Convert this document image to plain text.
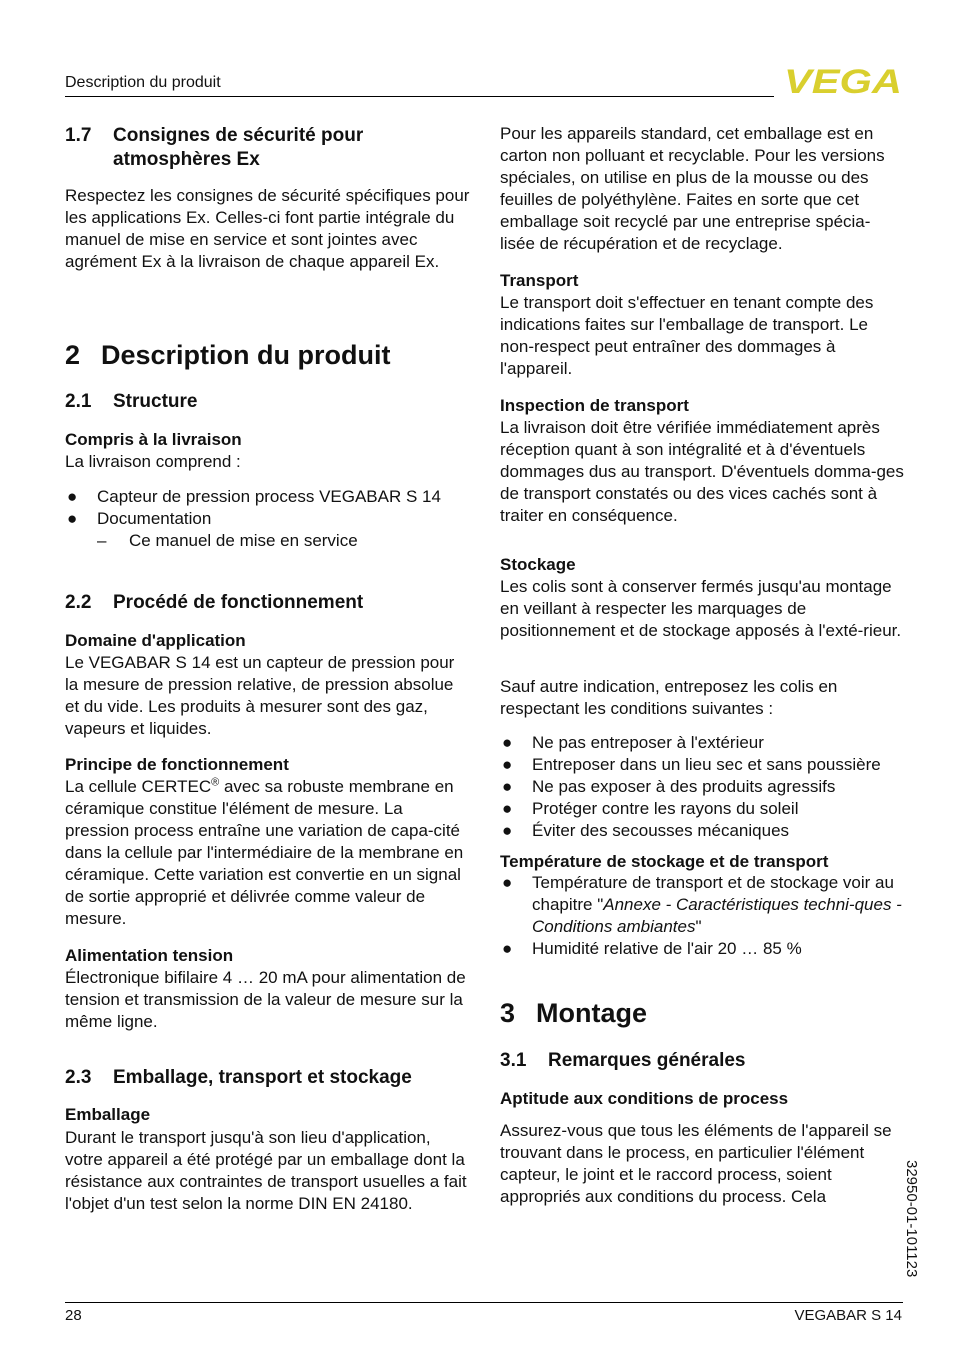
Description du produit	VEGA
1.7 Consignes de sécurité pour
atmosphères Ex

Respectez les consignes de sécurité spécifiques pour les applications Ex. Celles-ci font partie intégrale du manuel de mise en service et sont jointes avec agrément Ex à la livraison de chaque appareil Ex.

2 Description du produit
2.1 Structure
Compris à la livraison

La livraison comprend :

● Capteur de pression process VEGABAR S 14
● Documentation
– Ce manuel de mise en service
2.2 Procédé de fonctionnement
Domaine d'application

Le VEGABAR S 14 est un capteur de pression pour la mesure de pression relative, de pression absolue et du vide. Les produits à mesurer sont des gaz, vapeurs et liquides.

Principe de fonctionnement

La cellule CERTEC® avec sa robuste membrane en céramique constitue l'élément de mesure. La pression process entraîne une variation de capa-cité dans la cellule par l'intermédiaire de la membrane en céramique. Cette variation est convertie en un signal de sortie approprié et délivrée comme valeur de mesure.

Alimentation tension

Électronique bifilaire 4 … 20 mA pour alimentation de tension et transmission de la valeur de mesure sur la même ligne.

2.3 Emballage, transport et stockage
Emballage

Durant le transport jusqu'à son lieu d'application, votre appareil a été protégé par un emballage dont la résistance aux contraintes de transport usuelles a fait l'objet d'un test selon la norme DIN EN 24180.

Pour les appareils standard, cet emballage est en carton non polluant et recyclable. Pour les versions spéciales, on utilise en plus de la mousse ou des feuilles de polyéthylène. Faites en sorte que cet emballage soit recyclé par une entreprise spécia-lisée de récupération et de recyclage.

Transport

Le transport doit s'effectuer en tenant compte des indications faites sur l'emballage de transport. Le non-respect peut entraîner des dommages à l'appareil.

Inspection de transport

La livraison doit être vérifiée immédiatement après réception quant à son intégralité et à d'éventuels dommages dus au transport. D'éventuels domma-ges de transport constatés ou des vices cachés sont à traiter en conséquence.

Stockage

Les colis sont à conserver fermés jusqu'au montage en veillant à respecter les marquages de positionnement et de stockage apposés à l'exté-rieur.

Sauf autre indication, entreposez les colis en respectant les conditions suivantes :

● Ne pas entreposer à l'extérieur
● Entreposer dans un lieu sec et sans poussière
● Ne pas exposer à des produits agressifs
● Protéger contre les rayons du soleil
● Éviter des secousses mécaniques
Température de stockage et de transport
● Température de transport et de stockage voir au chapitre "Annexe - Caractéristiques techni-ques - Conditions ambiantes"
● Humidité relative de l'air 20 … 85 %
3 Montage
3.1 Remarques générales
Aptitude aux conditions de process

Assurez-vous que tous les éléments de l'appareil se trouvant dans le process, en particulier l'élément capteur, le joint et le raccord process, soient appropriés aux conditions du process. Cela	32950-01-101123
28	VEGABAR S 14
